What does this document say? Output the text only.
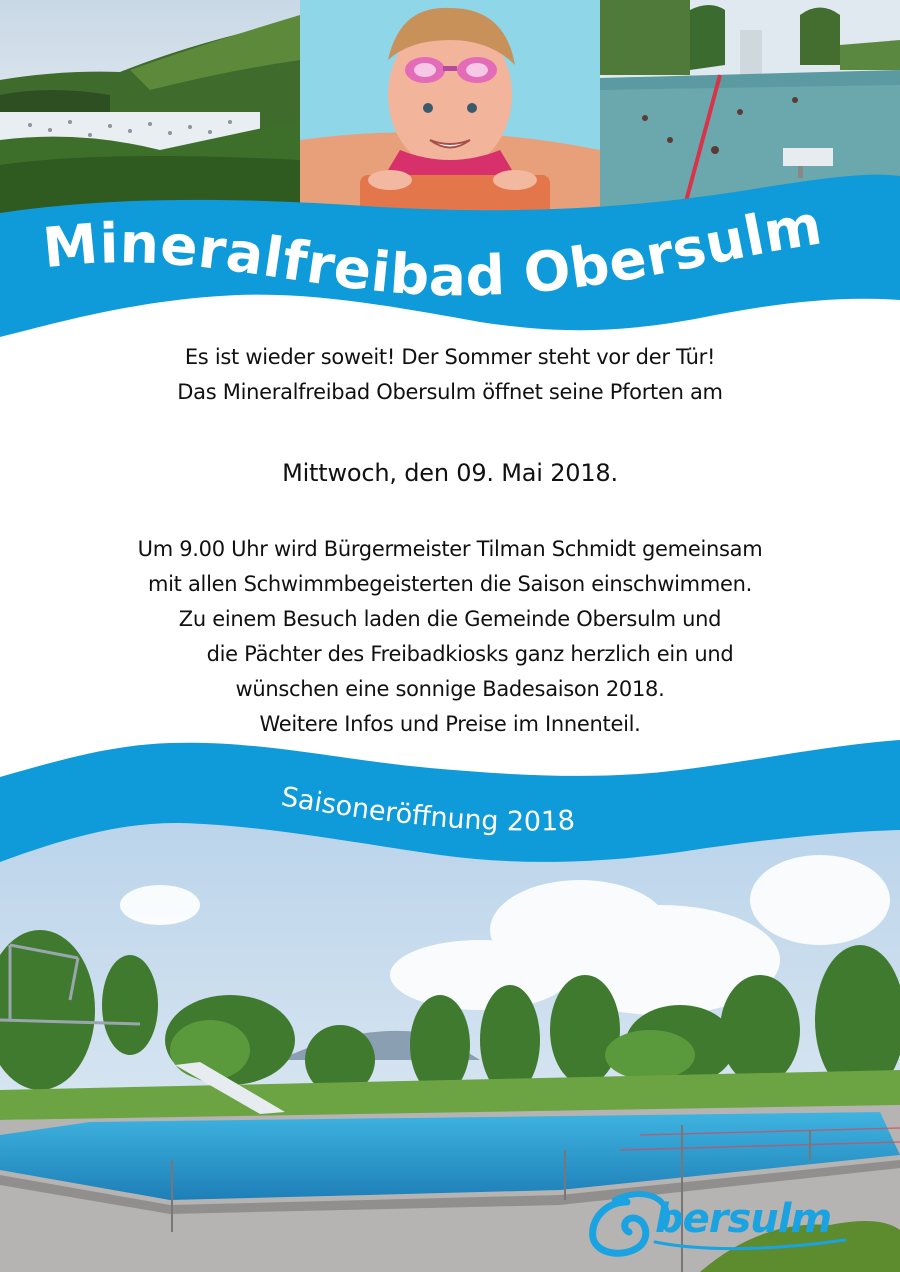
Mineralfreibad Obersulm
Es ist wieder soweit! Der Sommer steht vor der Tür!
Das Mineralfreibad Obersulm öffnet seine Pforten am
Mittwoch, den 09. Mai 2018.
Um 9.00 Uhr wird Bürgermeister Tilman Schmidt gemeinsam
mit allen Schwimmbegeisterten die Saison einschwimmen.
Zu einem Besuch laden die Gemeinde Obersulm und
die Pächter des Freibadkiosks ganz herzlich ein und
wünschen eine sonnige Badesaison 2018.
Weitere Infos und Preise im Innenteil.
Saisoneröffnung 2018
bersulm
